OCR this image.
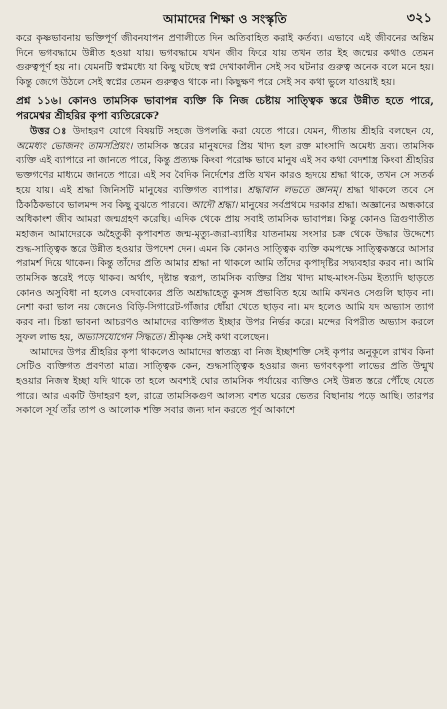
আমাদের শিক্ষা ও সংস্কৃতি	৩২১

করে কৃষ্ণভাবনায় ভক্তিপূর্ণ জীবনযাপন প্রণালীতে দিন অতিবাহিত করাই কর্তব্য। এভাবে এই জীবনের অন্তিম দিনে ভগবদ্ধামে উন্নীত হওয়া যায়। ভগবদ্ধামে যখন জীব ফিরে যায় তখন তার ইহ জন্মের কথাও তেমন গুরুত্বপূর্ণ হয় না। যেমনটি স্বপ্নমধ্যে যা কিছু ঘটছে স্বপ্ন দেখাকালীন সেই সব ঘটনার গুরুত্ব অনেক বলে মনে হয়। কিন্তু জেগে উঠলে সেই স্বপ্নের তেমন গুরুত্বও থাকে না। কিছুক্ষণ পরে সেই সব কথা ভুলে যাওয়াই হয়।

প্রশ্ন ১১৬। কোনও তামসিক ভাবাপন্ন ব্যক্তি কি নিজ চেষ্টায় সাত্ত্বিক স্তরে উন্নীত হতে পারে, পরমেশ্বর শ্রীহরির কৃপা ব্যতিরেকে?

উত্তর ঃ উদাহরণ যোগে বিষয়টি সহজে উপলব্ধি করা যেতে পারে। যেমন, গীতায় শ্রীহরি বলছেন যে, অমেধ্যং ভোজনং তামসপ্রিয়ং। তামসিক স্তরের মানুষদের প্রিয় খাদ্য হল রক্ত মাংসাদি অমেধ্য দ্রব্য। তামসিক ব্যক্তি এই ব্যাপারে না জানতে পারে, কিন্তু প্রত্যক্ষ কিংবা পরোক্ষ ভাবে মানুষ এই সব কথা বেদশাস্ত্র কিংবা শ্রীহরির ভক্তগণের মাধ্যমে জানতে পারে। এই সব বৈদিক নির্দেশের প্রতি যখন কারও হৃদয়ে শ্রদ্ধা থাকে, তখন সে সতর্ক হয়ে যায়। এই শ্রদ্ধা জিনিসটি মানুষের ব্যক্তিগত ব্যাপার। শ্রদ্ধাবান লভতে জ্ঞানম্। শ্রদ্ধা থাকলে তবে সে ঠিকঠিকভাবে ভালমন্দ সব কিছু বুঝতে পারবে। আদৌ শ্রদ্ধা। মানুষের সর্বপ্রথমে দরকার শ্রদ্ধা। অজ্ঞানের অন্ধকারে অধিকাংশ জীব আমরা জন্মগ্রহণ করেছি। এদিক থেকে প্রায় সবাই তামসিক ভাবাপন্ন। কিন্তু কোনও ত্রিগুণাতীত মহাজন আমাদেরকে অহৈতুকী কৃপাবশত জন্ম-মৃত্যু-জরা-ব্যাধির যাতনাময় সংসার চক্র থেকে উদ্ধার উদ্দেশ্যে শুদ্ধ-সাত্ত্বিক স্তরে উন্নীত হওয়ার উপদেশ দেন। এমন কি কোনও সাত্ত্বিক ব্যক্তি কমপক্ষে সাত্ত্বিকস্তরে আসার পরামর্শ দিয়ে থাকেন। কিন্তু তাঁদের প্রতি আমার শ্রদ্ধা না থাকলে আমি তাঁদের কৃপাদৃষ্টির সদ্ব্যবহার করব না। আমি তামসিক স্তরেই পড়ে থাকব। অর্থাৎ, দৃষ্টান্ত স্বরূপ, তামসিক ব্যক্তির প্রিয় খাদ্য মাছ-মাংস-ডিম ইত্যাদি ছাড়তে কোনও অসুবিধা না হলেও বেদবাক্যের প্রতি অশ্রদ্ধাহেতু কুসঙ্গ প্রভাবিত হয়ে আমি কখনও সেগুলি ছাড়ব না। নেশা করা ভাল নয় জেনেও বিড়ি-সিগারেট-গাঁজার ধোঁয়া খেতে ছাড়ব না। মদ হলেও আমি যদ অভ্যাস ত্যাগ করব না। চিন্তা ভাবনা আচরণও আমাদের ব্যক্তিগত ইচ্ছার উপর নির্ভর করে। মন্দের বিপরীত অভ্যাস করলে সুফল লাভ হয়, অভ্যাসযোগেন সিদ্ধতে। শ্রীকৃষ্ণ সেই কথা বলেছেন।

আমাদের উপর শ্রীহরির কৃপা থাকলেও আমাদের স্বাতন্ত্র্য বা নিজ ইচ্ছাশক্তি সেই কৃপার অনুকূলে রাখব কিনা সেটিও ব্যক্তিগত প্রবণতা মাত্র। সাত্ত্বিক কেন, শুদ্ধসাত্ত্বিক হওয়ার জন্য ভগবৎকৃপা লাভের প্রতি উন্মুখ হওয়ার নিজস্ব ইচ্ছা যদি থাকে তা হলে অবশ্যই ঘোর তামসিক পর্যায়ের ব্যক্তিও সেই উন্নত স্তরে পৌঁছে যেতে পারে। আর একটি উদাহরণ হল, রাত্রে তামসিকগুণ আলস্য বশত ঘরের ভেতর বিছানায় পড়ে আছি। তারপর সকালে সূর্য তাঁর তাপ ও আলোক শক্তি সবার জন্য দান করতে পূর্ব আকাশে
